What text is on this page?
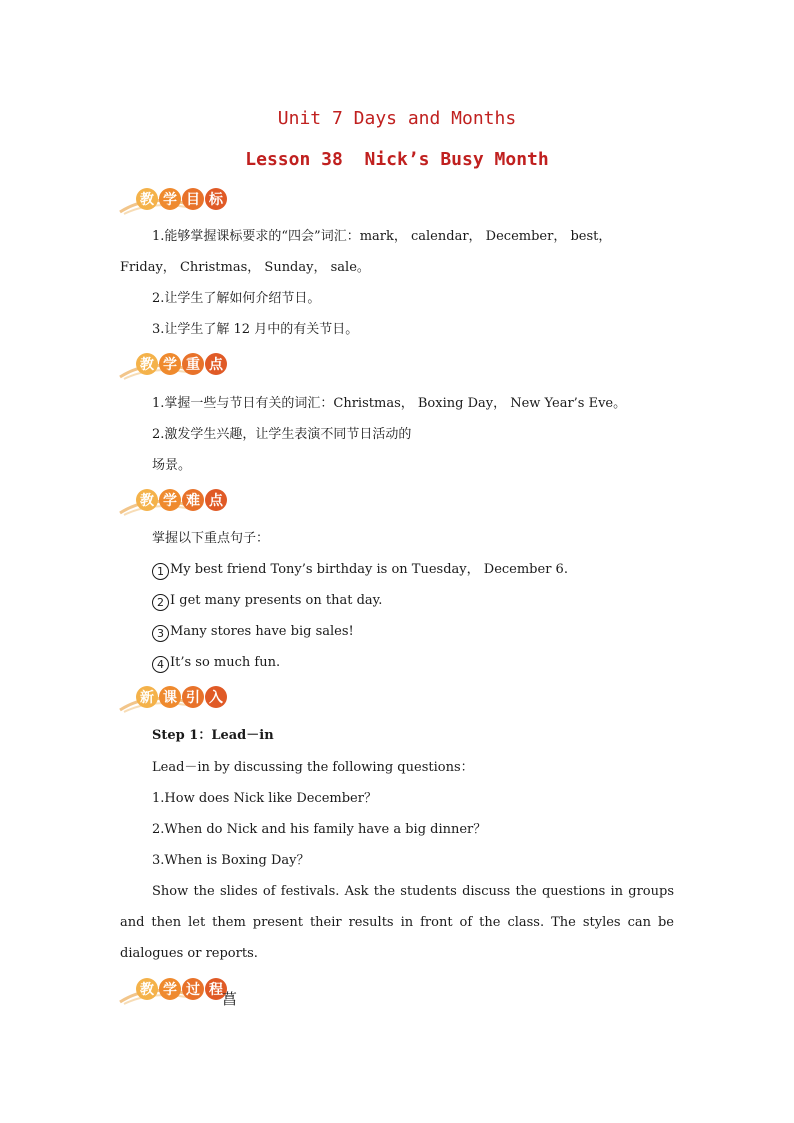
Unit 7 Days and Months
Lesson 38  Nick’s Busy Month
教 学 目 标
1.能够掌握课标要求的“四会”词汇：mark， calendar， December， best，
Friday， Christmas， Sunday， sale。
2.让学生了解如何介绍节日。
3.让学生了解 12 月中的有关节日。
教 学 重 点
1.掌握一些与节日有关的词汇：Christmas， Boxing Day， New Year’s Eve。
2.激发学生兴趣，让学生表演不同节日活动的
场景。
教 学 难 点
掌握以下重点句子：
1 My best friend Tony’s birthday is on Tuesday， December 6.
2 I get many presents on that day.
3 Many stores have big sales!
4 It’s so much fun.
新 课 引 入
Step 1：Lead－in
Lead－in by discussing the following questions：
1.How does Nick like December？
2.When do Nick and his family have a big dinner？
3.When is Boxing Day？
Show the slides of festivals. Ask the students discuss the questions in groups and then let them present their results in front of the class. The styles can be dialogues or reports.
教 学 过 程 菖
